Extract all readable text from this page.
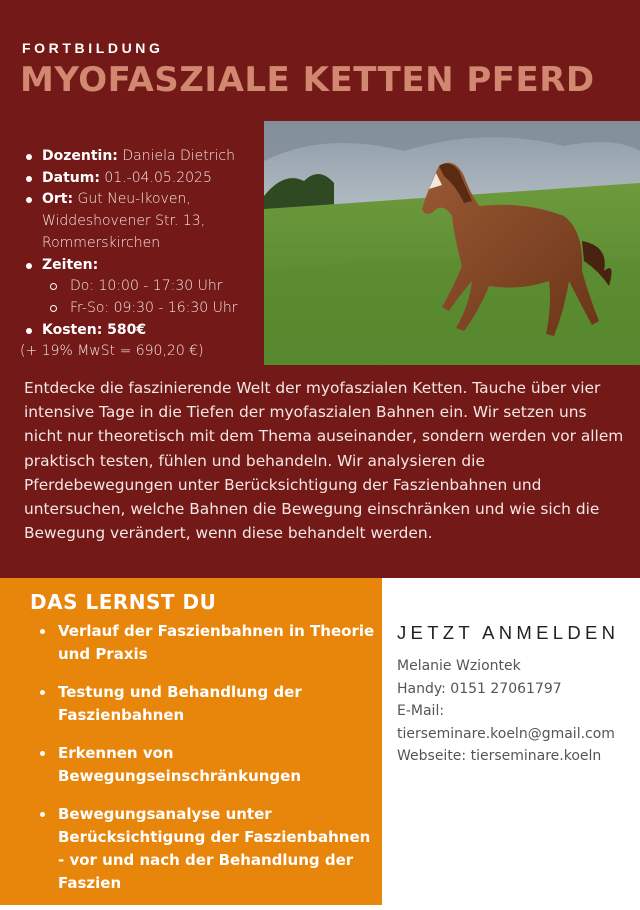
FORTBILDUNG
MYOFASZIALE KETTEN PFERD
Dozentin: Daniela Dietrich
Datum: 01.-04.05.2025
Ort: Gut Neu-Ikoven, Widdeshovener Str. 13, Rommerskirchen
Zeiten:
Do: 10:00 - 17:30 Uhr
Fr-So: 09:30 - 16:30 Uhr
Kosten: 580€
(+ 19% MwSt = 690,20 €)
Entdecke die faszinierende Welt der myofaszialen Ketten. Tauche über vier intensive Tage in die Tiefen der myofaszialen Bahnen ein. Wir setzen uns nicht nur theoretisch mit dem Thema auseinander, sondern werden vor allem praktisch testen, fühlen und behandeln. Wir analysieren die Pferdebewegungen unter Berücksichtigung der Faszienbahnen und untersuchen, welche Bahnen die Bewegung einschränken und wie sich die Bewegung verändert, wenn diese behandelt werden.
DAS LERNST DU
Verlauf der Faszienbahnen in Theorie und Praxis
Testung und Behandlung der Faszienbahnen
Erkennen von Bewegungseinschränkungen
Bewegungsanalyse unter Berücksichtigung der Faszienbahnen - vor und nach der Behandlung der Faszien
JETZT ANMELDEN
Melanie Wziontek
Handy: 0151 27061797
E-Mail:
tierseminare.koeln@gmail.com
Webseite: tierseminare.koeln
